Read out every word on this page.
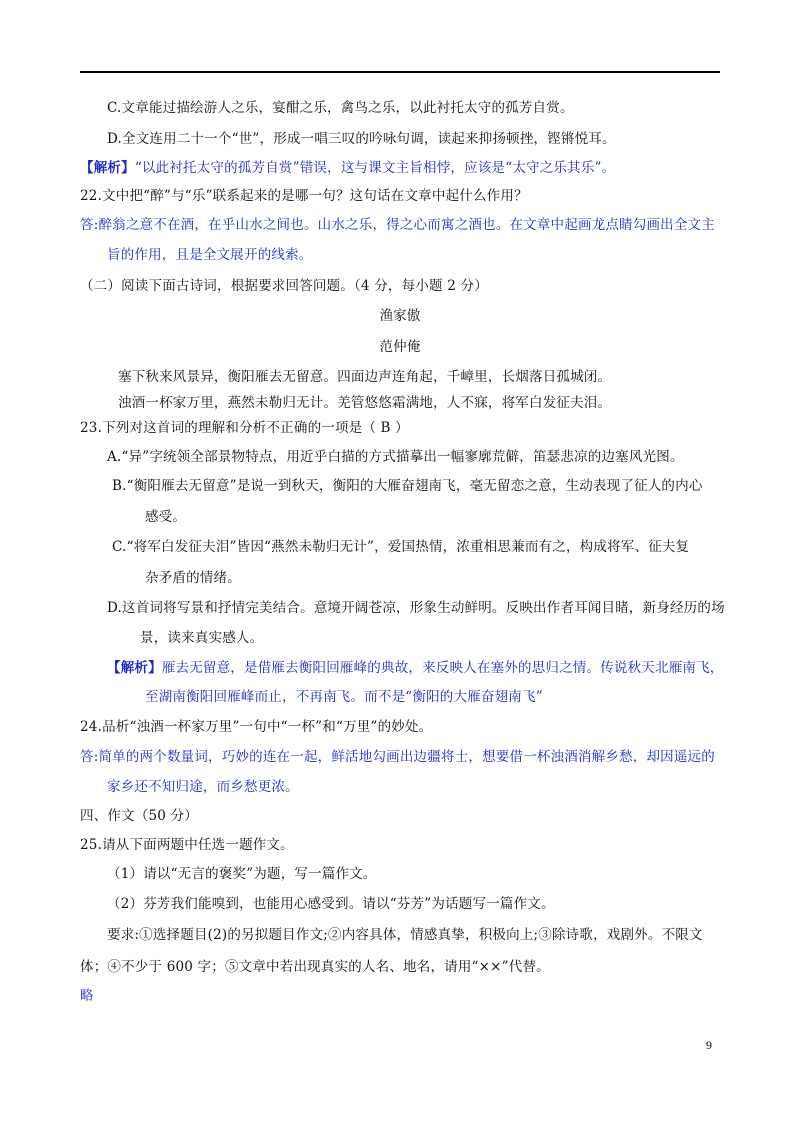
C.文章能过描绘游人之乐，宴酣之乐，禽鸟之乐，以此衬托太守的孤芳自赏。
D.全文连用二十一个“世”，形成一唱三叹的吟咏句调，读起来抑扬顿挫，铿锵悦耳。
【解析】“以此衬托太守的孤芳自赏”错误，这与课文主旨相悖，应该是“太守之乐其乐”。
22.文中把“醉”与“乐”联系起来的是哪一句？这句话在文章中起什么作用？
答:醉翁之意不在酒，在乎山水之间也。山水之乐，得之心而寓之酒也。在文章中起画龙点睛勾画出全文主
旨的作用，且是全文展开的线索。
（二）阅读下面古诗词，根据要求回答问题。（4 分，每小题 2 分）
渔家傲
范仲俺
塞下秋来风景异，衡阳雁去无留意。四面边声连角起，千嶂里，长烟落日孤城闭。
浊酒一杯家万里，燕然未勒归无计。羌管悠悠霜满地，人不寐，将军白发征夫泪。
23.下列对这首词的理解和分析不正确的一项是（ B ）
A.“异”字统领全部景物特点，用近乎白描的方式描摹出一幅寥廓荒僻，笛瑟悲凉的边塞风光图。
B.“衡阳雁去无留意”是说一到秋天，衡阳的大雁奋翅南飞，毫无留恋之意，生动表现了征人的内心
感受。
C.“将军白发征夫泪”皆因“燕然未勒归无计”，爱国热情，浓重相思兼而有之，构成将军、征夫复
杂矛盾的情绪。
D.这首词将写景和抒情完美结合。意境开阔苍凉，形象生动鲜明。反映出作者耳闻目睹，新身经历的场
景，读来真实感人。
【解析】雁去无留意，是借雁去衡阳回雁峰的典故，来反映人在塞外的思归之情。传说秋天北雁南飞，
至湖南衡阳回雁峰而止，不再南飞。而不是“衡阳的大雁奋翅南飞”
24.品析“浊酒一杯家万里”一句中“一杯”和“万里”的妙处。
答:简单的两个数量词，巧妙的连在一起，鲜活地勾画出边疆将士，想要借一杯浊酒消解乡愁，却因遥远的
家乡还不知归途，而乡愁更浓。
四、作文（50 分）
25.请从下面两题中任选一题作文。
（1）请以“无言的褒奖”为题，写一篇作文。
（2）芬芳我们能嗅到，也能用心感受到。请以“芬芳”为话题写一篇作文。
要求:①选择题目(2)的另拟题目作文;②内容具体，情感真挚，积极向上;③除诗歌，戏剧外。不限文
体；④不少于 600 字；⑤文章中若出现真实的人名、地名，请用“××”代替。
略
9
